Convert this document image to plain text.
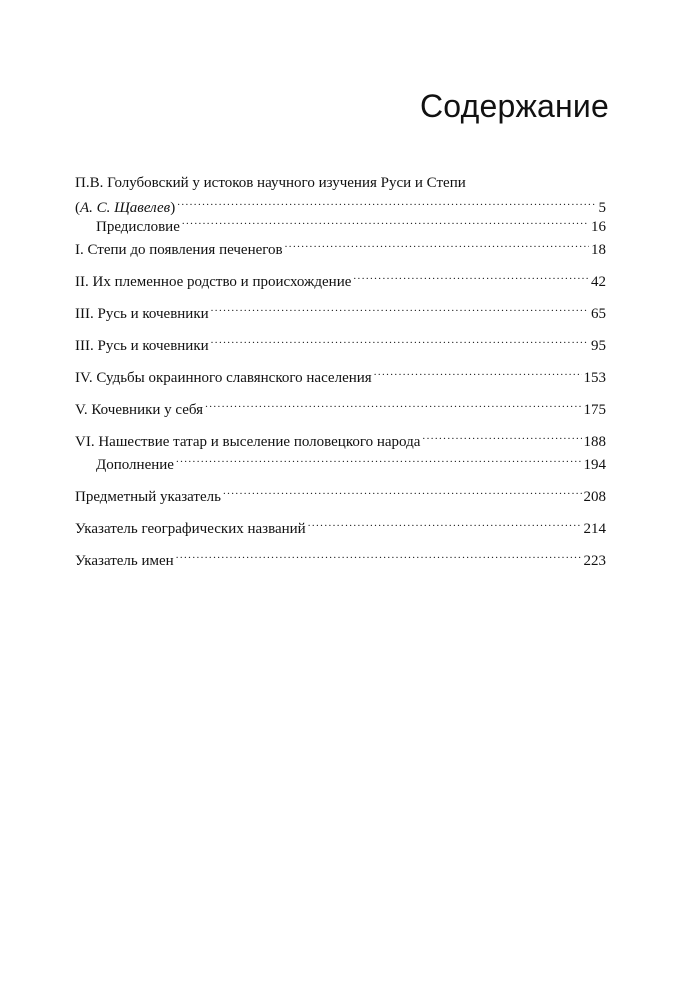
Содержание
П.В. Голубовский у истоков научного изучения Руси и Степи
(А. С. Щавелев) .....	5
Предисловие .....	16
I. Степи до появления печенегов .....	18
II. Их племенное родство и происхождение .....	42
III. Русь и кочевники .....	65
III. Русь и кочевники .....	95
IV. Судьбы окраинного славянского населения .....	153
V. Кочевники у себя .....	175
VI. Нашествие татар и выселение половецкого народа .....	188
Дополнение .....	194
Предметный указатель .....	208
Указатель географических названий .....	214
Указатель имен .....	223
